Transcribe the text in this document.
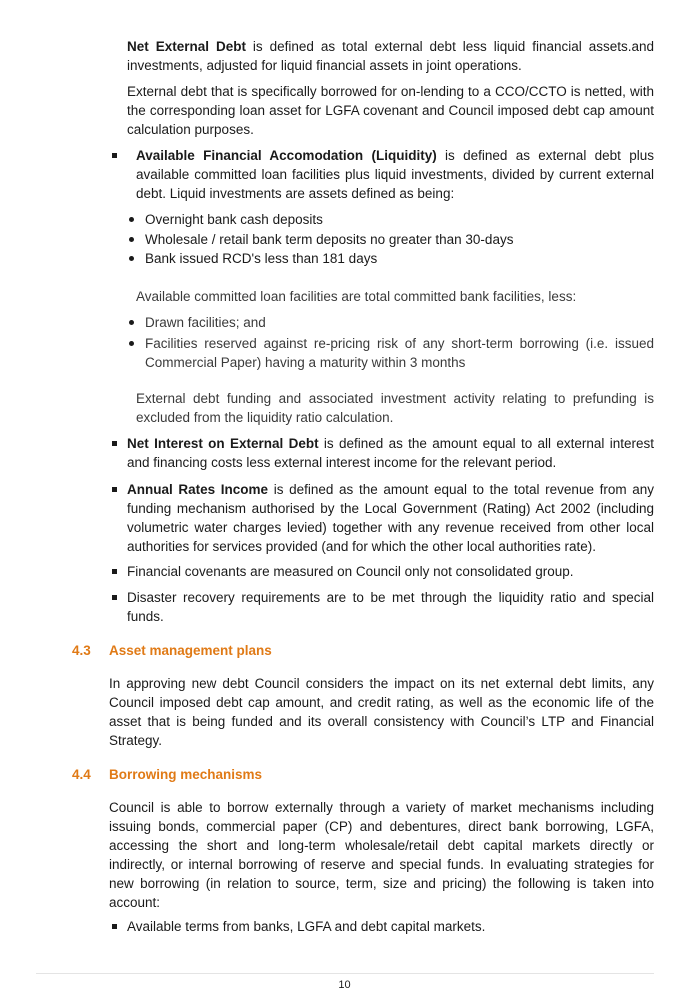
Net External Debt is defined as total external debt less liquid financial assets.and investments, adjusted for liquid financial assets in joint operations.

External debt that is specifically borrowed for on-lending to a CCO/CCTO is netted, with the corresponding loan asset for LGFA covenant and Council imposed debt cap amount calculation purposes.

Available Financial Accomodation (Liquidity) is defined as external debt plus available committed loan facilities plus liquid investments, divided by current external debt. Liquid investments are assets defined as being:

Overnight bank cash deposits

Wholesale / retail bank term deposits no greater than 30-days

Bank issued RCD's less than 181 days

Available committed loan facilities are total committed bank facilities, less:

Drawn facilities; and

Facilities reserved against re-pricing risk of any short-term borrowing (i.e. issued Commercial Paper) having a maturity within 3 months

External debt funding and associated investment activity relating to prefunding is excluded from the liquidity ratio calculation.

Net Interest on External Debt is defined as the amount equal to all external interest and financing costs less external interest income for the relevant period.

Annual Rates Income is defined as the amount equal to the total revenue from any funding mechanism authorised by the Local Government (Rating) Act 2002 (including volumetric water charges levied) together with any revenue received from other local authorities for services provided (and for which the other local authorities rate).

Financial covenants are measured on Council only not consolidated group.

Disaster recovery requirements are to be met through the liquidity ratio and special funds.

4.3 Asset management plans

In approving new debt Council considers the impact on its net external debt limits, any Council imposed debt cap amount, and credit rating, as well as the economic life of the asset that is being funded and its overall consistency with Council’s LTP and Financial Strategy.

4.4 Borrowing mechanisms

Council is able to borrow externally through a variety of market mechanisms including issuing bonds, commercial paper (CP) and debentures, direct bank borrowing, LGFA, accessing the short and long-term wholesale/retail debt capital markets directly or indirectly, or internal borrowing of reserve and special funds. In evaluating strategies for new borrowing (in relation to source, term, size and pricing) the following is taken into account:

Available terms from banks, LGFA and debt capital markets.

10
